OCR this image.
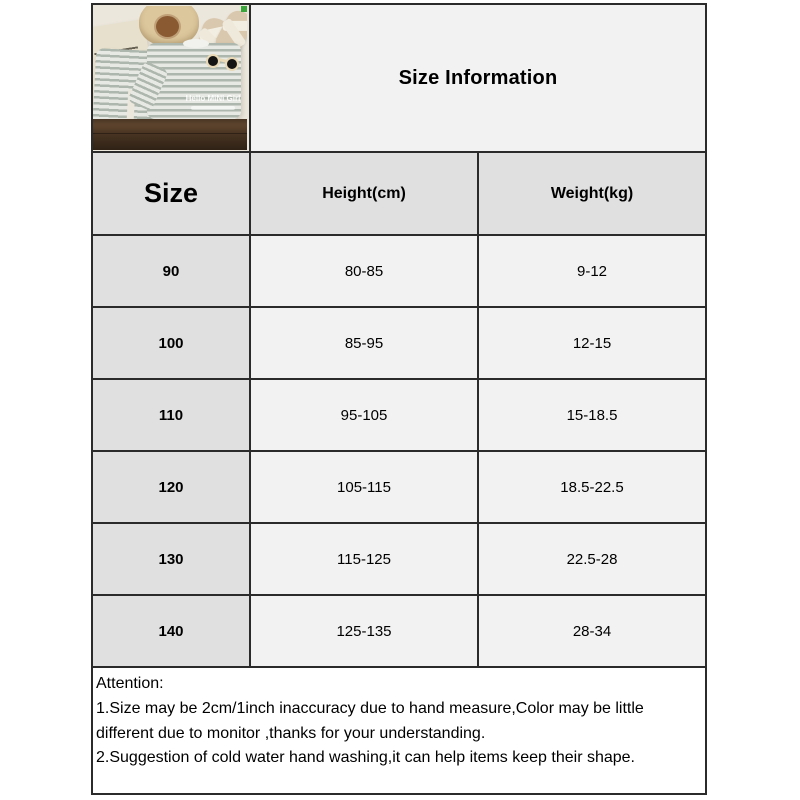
Hello MiNi Girl	Size Information	
Size	Height(cm)	Weight(kg)
90	80-85	9-12
100	85-95	12-15
110	95-105	15-18.5
120	105-115	18.5-22.5
130	115-125	22.5-28
140	125-135	28-34

Attention:
1.Size may be 2cm/1inch inaccuracy due to hand measure,Color may be little
different due to monitor ,thanks for your understanding.
2.Suggestion of cold water hand washing,it can help items keep their shape.		
